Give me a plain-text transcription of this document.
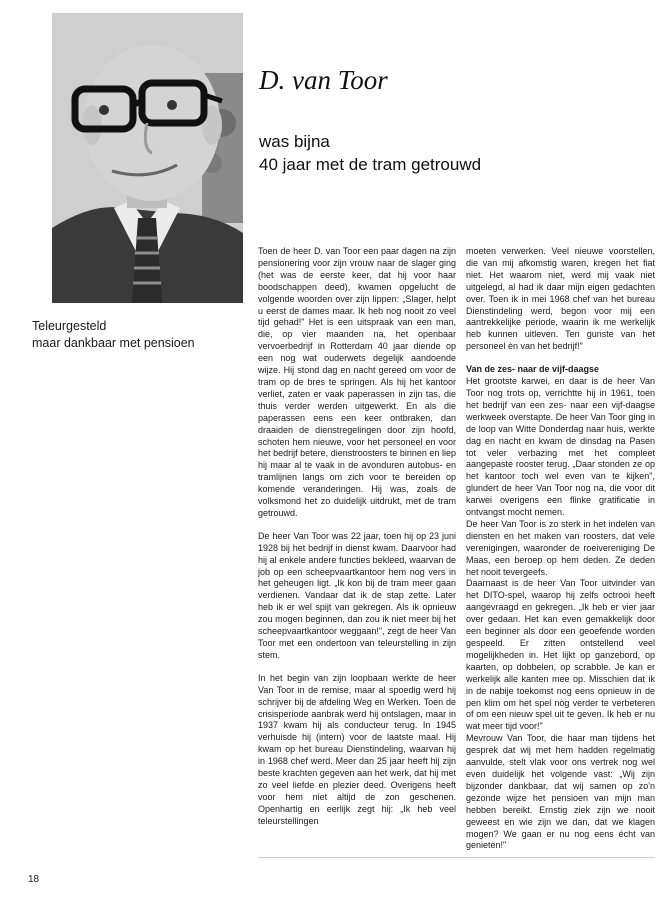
Teleurgesteld
maar dankbaar met pensioen
D. van Toor
was bijna
40 jaar met de tram getrouwd

Toen de heer D. van Toor een paar dagen na zijn pensionering voor zijn vrouw naar de slager ging (het was de eerste keer, dat hij voor haar boodschappen deed), kwamen opgelucht de volgende woorden over zijn lippen: „Slager, helpt u eerst de dames maar. Ik heb nog nooit zo veel tijd gehad!" Het is een uitspraak van een man, die, op vier maanden na, het openbaar vervoerbedrijf in Rotterdam 40 jaar diende op een nog wat ouderwets degelijk aandoende wijze. Hij stond dag en nacht gereed om voor de tram op de bres te springen. Als hij het kantoor verliet, zaten er vaak paperassen in zijn tas, die thuis verder werden uitgewerkt. En als die paperassen eens een keer ontbraken, dan draaiden de dienstregelingen door zijn hoofd, schoten hem nieuwe, voor het personeel en voor het bedrijf betere, dienstroosters te binnen en liep hij maar al te vaak in de avonduren autobus- en tramlijnen langs om zich voor te bereiden op komende veranderingen. Hij was, zoals de volksmond het zo duidelijk uitdrukt, met de tram getrouwd.

De heer Van Toor was 22 jaar, toen hij op 23 juni 1928 bij het bedrijf in dienst kwam. Daarvoor had hij al enkele andere functies bekleed, waarvan de job op een scheepvaartkantoor hem nog vers in het geheugen ligt. „Ik kon bij de tram meer gaan verdienen. Vandaar dat ik de stap zette. Later heb ik er wel spijt van gekregen. Als ik opnieuw zou mogen beginnen, dan zou ik niet meer bij het scheepvaartkantoor weggaan!", zegt de heer Van Toor met een ondertoon van teleurstelling in zijn stem.

In het begin van zijn loopbaan werkte de heer Van Toor in de remise, maar al spoedig werd hij schrijver bij de afdeling Weg en Werken. Toen de crisisperiode aanbrak werd hij ontslagen, maar in 1937 kwam hij als conducteur terug. In 1945 verhuisde hij (intern) voor de laatste maal. Hij kwam op het bureau Dienstindeling, waarvan hij in 1968 chef werd. Meer dan 25 jaar heeft hij zijn beste krachten gegeven aan het werk, dat hij met zo veel liefde en plezier deed. Overigens heeft voor hem niet altijd de zon geschenen. Openhartig en eerlijk zegt hij: „Ik heb veel teleurstellingen

moeten verwerken. Veel nieuwe voorstellen, die van mij afkomstig waren, kregen het fiat niet. Het waarom niet, werd mij vaak niet uitgelegd, al had ik daar mijn eigen gedachten over. Toen ik in mei 1968 chef van het bureau Dienstindeling werd, begon voor mij een aantrekkelijke periode, waarin ik me werkelijk heb kunnen uitleven. Ten gunste van het personeel èn van het bedrijf!"

Van de zes- naar de vijf-daagse

Het grootste karwei, en daar is de heer Van Toor nog trots op, verrichtte hij in 1961, toen het bedrijf van een zes- naar een vijf-daagse werkweek overstapte. De heer Van Toor ging in de loop van Witte Donderdag naar huis, werkte dag en nacht en kwam de dinsdag na Pasen tot veler verbazing met het compleet aangepaste rooster terug. „Daar stonden ze op het kantoor toch wel even van te kijken", glundert de heer Van Toor nog na, die voor dit karwei overigens een flinke gratificatie in ontvangst mocht nemen.

De heer Van Toor is zo sterk in het indelen van diensten en het maken van roosters, dat vele verenigingen, waaronder de roeivereniging De Maas, een beroep op hem deden. Ze deden het nooit tevergeefs.

Daarnaast is de heer Van Toor uitvinder van het DITO-spel, waarop hij zelfs octrooi heeft aangevraagd en gekregen. „Ik heb er vier jaar over gedaan. Het kan even gemakkelijk door een beginner als door een geoefende worden gespeeld. Er zitten ontstellend veel mogelijkheden in. Het lijkt op ganzebord, op kaarten, op dobbelen, op scrabble. Je kan er werkelijk alle kanten mee op. Misschien dat ik in de nabije toekomst nog eens opnieuw in de pen klim om het spel nòg verder te verbeteren of om een nieuw spel uit te geven. Ik heb er nu wat meer tijd voor!"

Mevrouw Van Toor, die haar man tijdens het gesprek dat wij met hem hadden regelmatig aanvulde, stelt vlak voor ons vertrek nog wel even duidelijk het volgende vast: „Wij zijn bijzonder dankbaar, dat wij samen op zo'n gezonde wijze het pensioen van mijn man hebben bereikt. Ernstig ziek zijn we nooit geweest en wie zijn we dan, dat we klagen mogen? We gaan er nu nog eens écht van genieten!"

18
